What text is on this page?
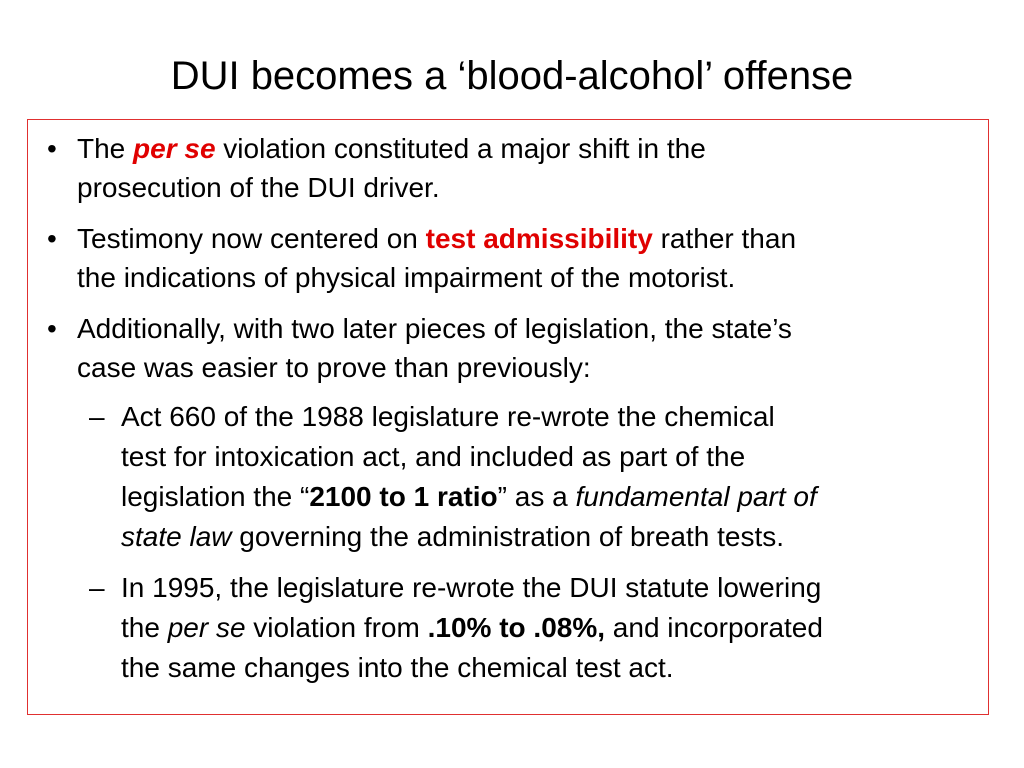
DUI becomes a ‘blood-alcohol’ offense
• The per se violation constituted a major shift in the
prosecution of the DUI driver.
• Testimony now centered on test admissibility rather than
the indications of physical impairment of the motorist.
• Additionally, with two later pieces of legislation, the state’s
case was easier to prove than previously:
– Act 660 of the 1988 legislature re-wrote the chemical
test for intoxication act, and included as part of the
legislation the “2100 to 1 ratio” as a fundamental part of
state law governing the administration of breath tests.
– In 1995, the legislature re-wrote the DUI statute lowering
the per se violation from .10% to .08%, and incorporated
the same changes into the chemical test act.
